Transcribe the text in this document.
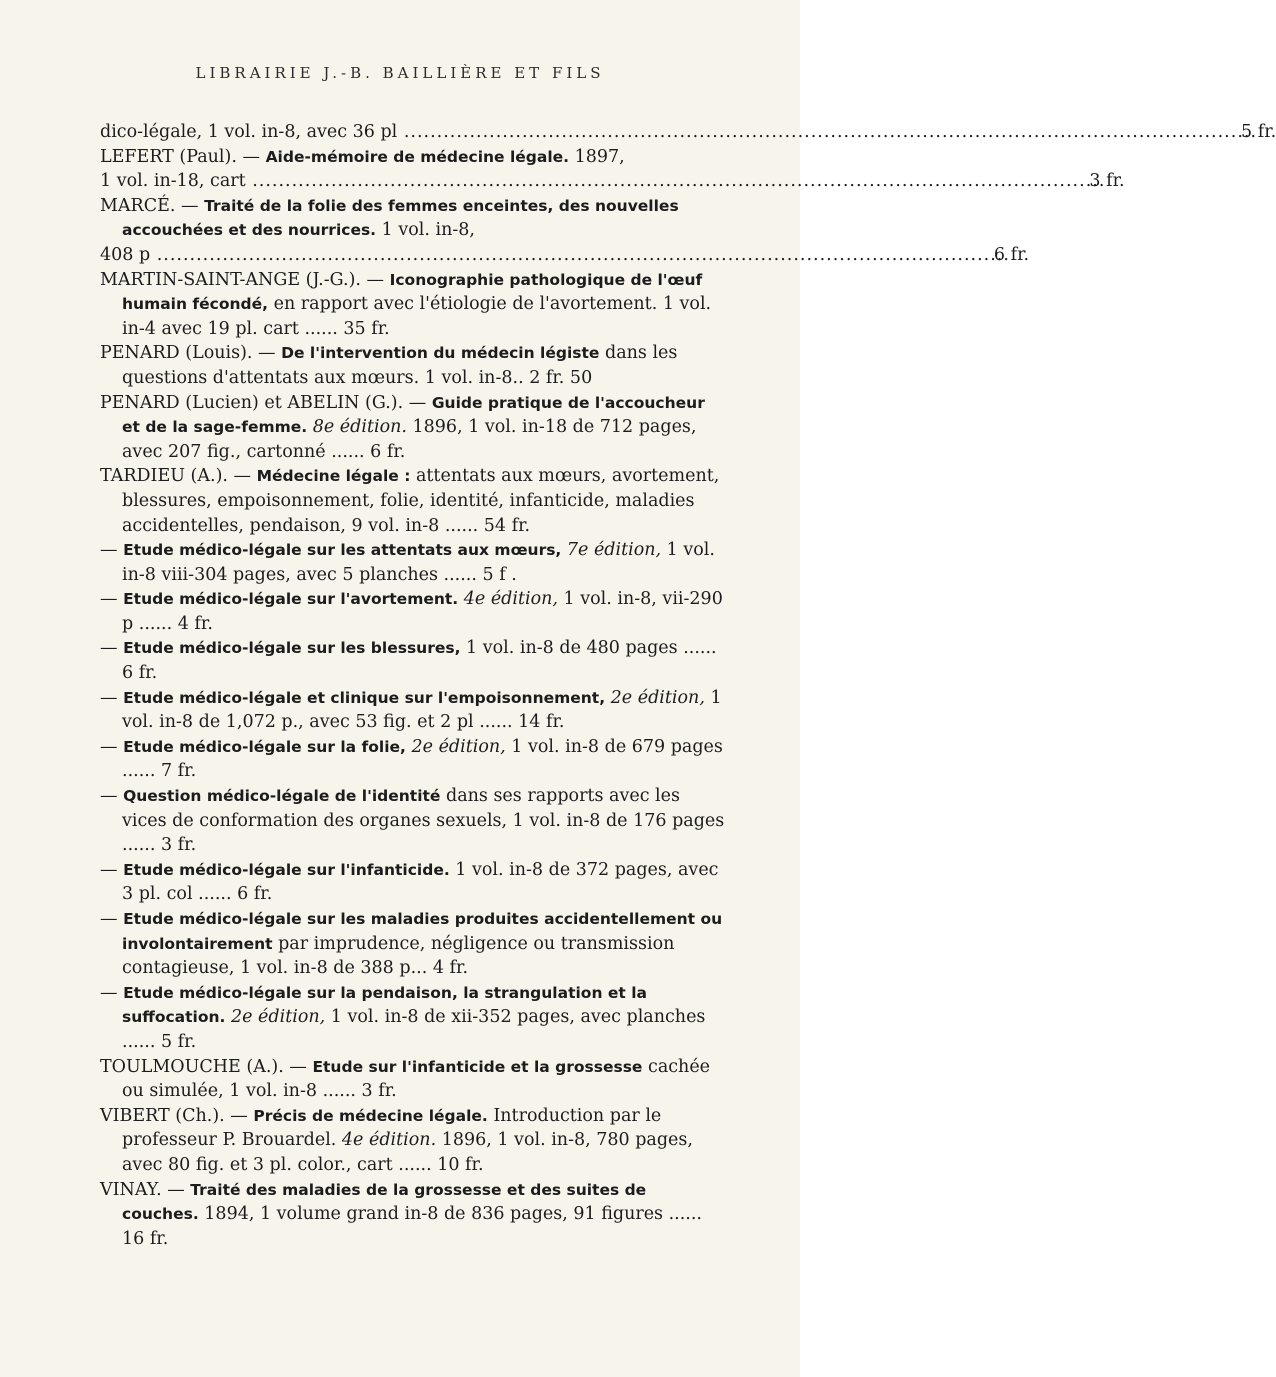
LIBRAIRIE J.-B. BAILLIÈRE ET FILS

dico-légale, 1 vol. in-8, avec 36 pl .....	5 fr.

LEFERT (Paul). — Aide-mémoire de médecine légale. 1897,

1 vol. in-18, cart .....	3 fr.

MARCÉ. — Traité de la folie des femmes enceintes, des nouvelles accouchées et des nourrices. 1 vol. in-8,

408 p .....	6 fr.

MARTIN-SAINT-ANGE (J.-G.). — Iconographie pathologique de l'œuf humain fécondé, en rapport avec l'étiologie de l'avortement. 1 vol. in-4 avec 19 pl. cart ...... 35 fr.

PENARD (Louis). — De l'intervention du médecin légiste dans les questions d'attentats aux mœurs. 1 vol. in-8.. 2 fr. 50

PENARD (Lucien) et ABELIN (G.). — Guide pratique de l'accoucheur et de la sage-femme. 8e édition. 1896, 1 vol. in-18 de 712 pages, avec 207 fig., cartonné ...... 6 fr.

TARDIEU (A.). — Médecine légale : attentats aux mœurs, avortement, blessures, empoisonnement, folie, identité, infanticide, maladies accidentelles, pendaison, 9 vol. in-8 ...... 54 fr.

— Etude médico-légale sur les attentats aux mœurs, 7e édition, 1 vol. in-8 viii-304 pages, avec 5 planches ...... 5 f .

— Etude médico-légale sur l'avortement. 4e édition, 1 vol. in-8, vii-290 p ...... 4 fr.

— Etude médico-légale sur les blessures, 1 vol. in-8 de 480 pages ...... 6 fr.

— Etude médico-légale et clinique sur l'empoisonnement, 2e édition, 1 vol. in-8 de 1,072 p., avec 53 fig. et 2 pl ...... 14 fr.

— Etude médico-légale sur la folie, 2e édition, 1 vol. in-8 de 679 pages ...... 7 fr.

— Question médico-légale de l'identité dans ses rapports avec les vices de conformation des organes sexuels, 1 vol. in-8 de 176 pages ...... 3 fr.

— Etude médico-légale sur l'infanticide. 1 vol. in-8 de 372 pages, avec 3 pl. col ...... 6 fr.

— Etude médico-légale sur les maladies produites accidentellement ou involontairement par imprudence, négligence ou transmission contagieuse, 1 vol. in-8 de 388 p... 4 fr.

— Etude médico-légale sur la pendaison, la strangulation et la suffocation. 2e édition, 1 vol. in-8 de xii-352 pages, avec planches ...... 5 fr.

TOULMOUCHE (A.). — Etude sur l'infanticide et la grossesse cachée ou simulée, 1 vol. in-8 ...... 3 fr.

VIBERT (Ch.). — Précis de médecine légale. Introduction par le professeur P. Brouardel. 4e édition. 1896, 1 vol. in-8, 780 pages, avec 80 fig. et 3 pl. color., cart ...... 10 fr.

VINAY. — Traité des maladies de la grossesse et des suites de couches. 1894, 1 volume grand in-8 de 836 pages, 91 figures ...... 16 fr.
